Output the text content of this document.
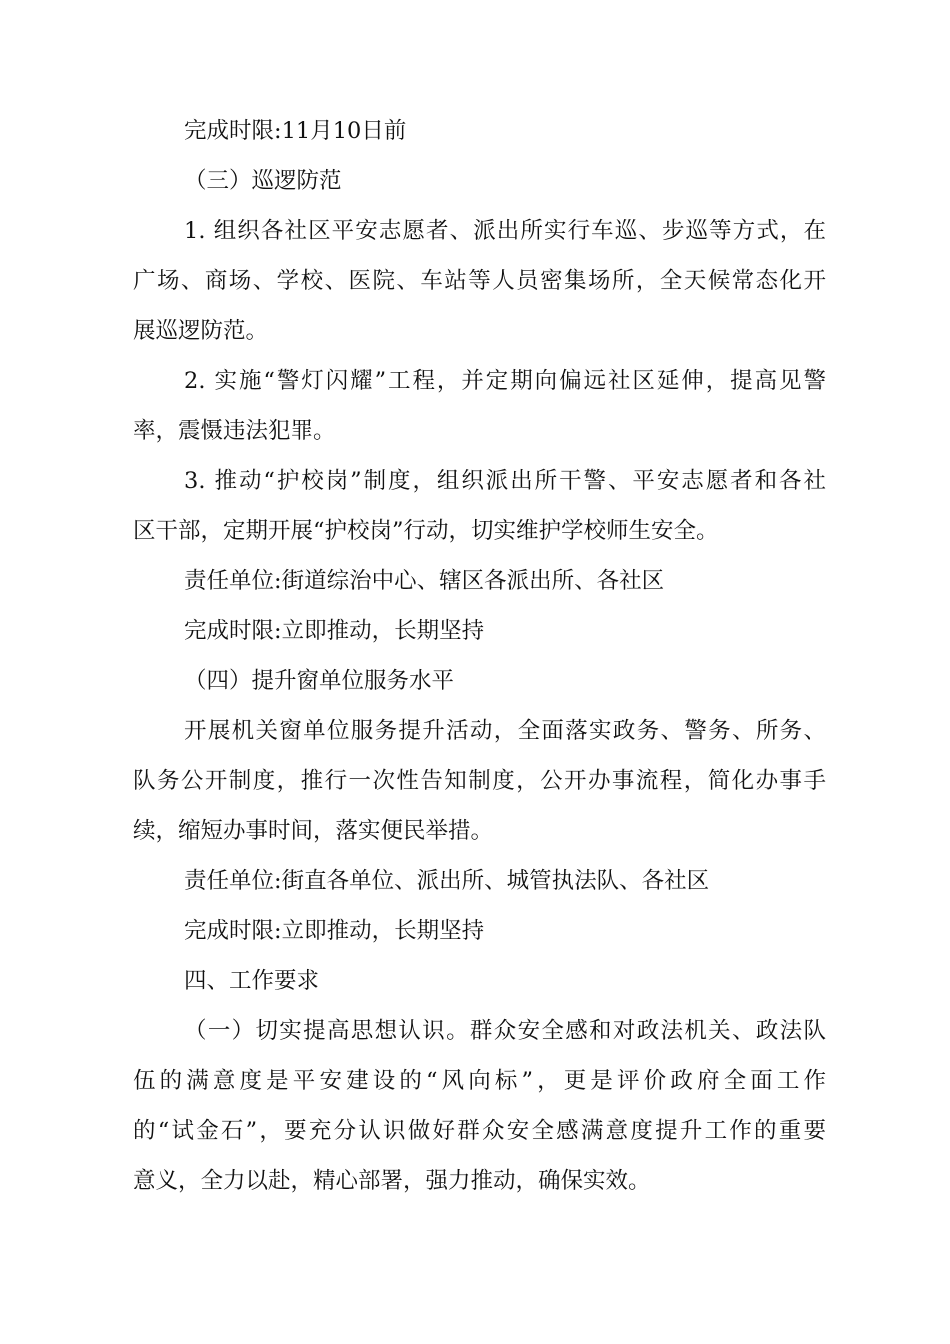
完成时限:11月10日前
（三）巡逻防范
1. 组织各社区平安志愿者、派出所实行车巡、步巡等方式，在
广场、商场、学校、医院、车站等人员密集场所，全天候常态化开
展巡逻防范。
2. 实施“警灯闪耀”工程，并定期向偏远社区延伸，提高见警
率，震慑违法犯罪。
3. 推动“护校岗”制度，组织派出所干警、平安志愿者和各社
区干部，定期开展“护校岗”行动，切实维护学校师生安全。
责任单位:街道综治中心、辖区各派出所、各社区
完成时限:立即推动，长期坚持
（四）提升窗单位服务水平
开展机关窗单位服务提升活动，全面落实政务、警务、所务、
队务公开制度，推行一次性告知制度，公开办事流程，简化办事手
续，缩短办事时间，落实便民举措。
责任单位:街直各单位、派出所、城管执法队、各社区
完成时限:立即推动，长期坚持
四、工作要求
（一）切实提高思想认识。群众安全感和对政法机关、政法队
伍的满意度是平安建设的“风向标”，更是评价政府全面工作
的“试金石”，要充分认识做好群众安全感满意度提升工作的重要
意义，全力以赴，精心部署，强力推动，确保实效。
